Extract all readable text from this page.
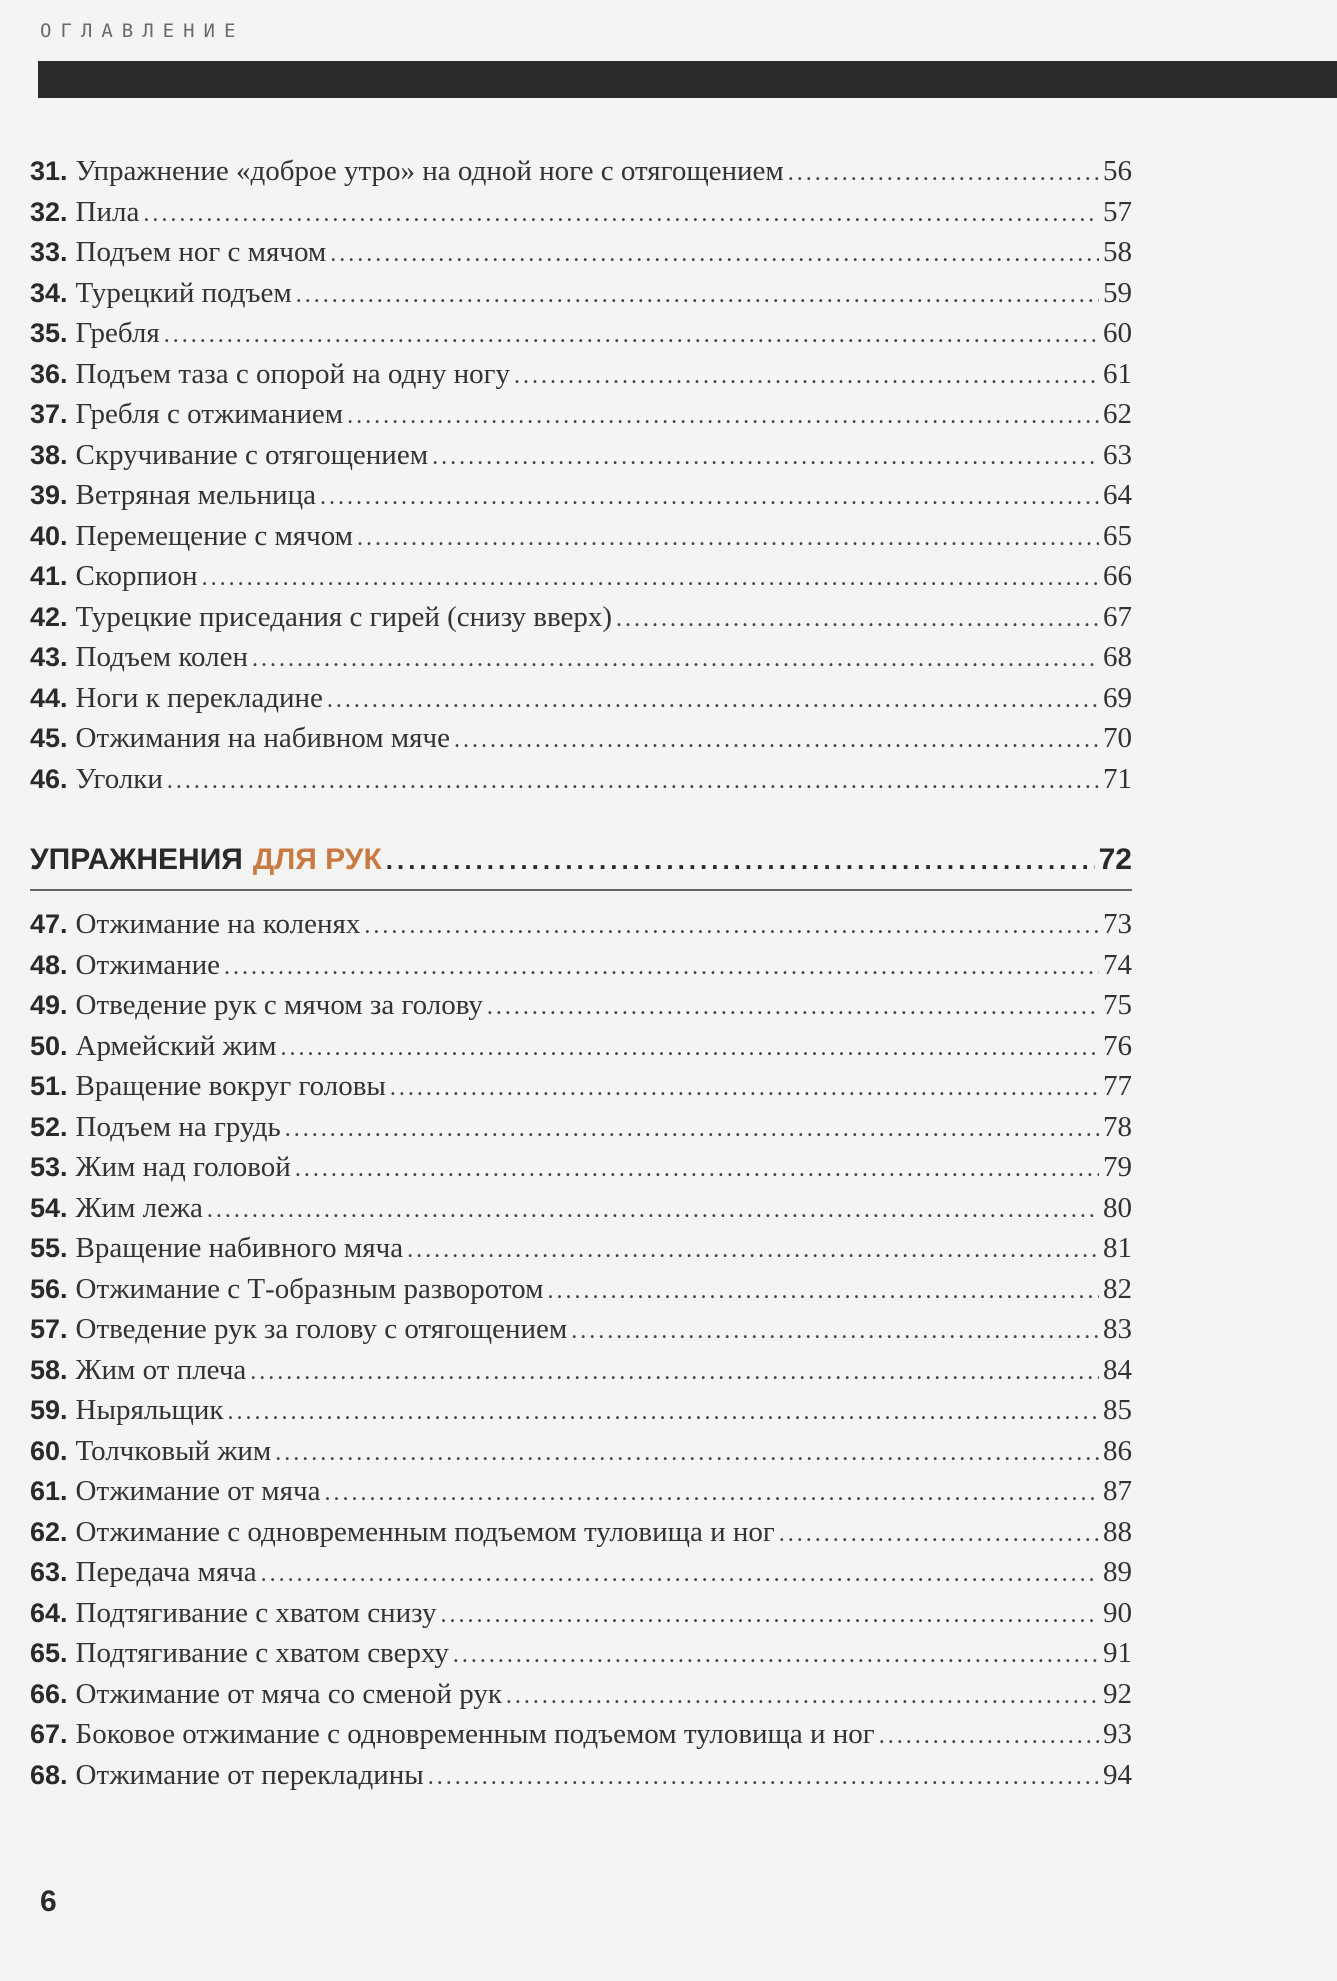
ОГЛАВЛЕНИЕ
31. Упражнение «доброе утро» на одной ноге с отягощением .....	56
32. Пила .....	57
33. Подъем ног с мячом .....	58
34. Турецкий подъем .....	59
35. Гребля .....	60
36. Подъем таза с опорой на одну ногу .....	61
37. Гребля с отжиманием .....	62
38. Скручивание с отягощением .....	63
39. Ветряная мельница .....	64
40. Перемещение с мячом .....	65
41. Скорпион .....	66
42. Турецкие приседания с гирей (снизу вверх) .....	67
43. Подъем колен .....	68
44. Ноги к перекладине .....	69
45. Отжимания на набивном мяче .....	70
46. Уголки .....	71
УПРАЖНЕНИЯ ДЛЯ РУК .....	72
47. Отжимание на коленях .....	73
48. Отжимание .....	74
49. Отведение рук с мячом за голову .....	75
50. Армейский жим .....	76
51. Вращение вокруг головы .....	77
52. Подъем на грудь .....	78
53. Жим над головой .....	79
54. Жим лежа .....	80
55. Вращение набивного мяча .....	81
56. Отжимание с Т-образным разворотом .....	82
57. Отведение рук за голову с отягощением .....	83
58. Жим от плеча .....	84
59. Ныряльщик .....	85
60. Толчковый жим .....	86
61. Отжимание от мяча .....	87
62. Отжимание с одновременным подъемом туловища и ног .....	88
63. Передача мяча .....	89
64. Подтягивание с хватом снизу .....	90
65. Подтягивание с хватом сверху .....	91
66. Отжимание от мяча со сменой рук .....	92
67. Боковое отжимание с одновременным подъемом туловища и ног .....	93
68. Отжимание от перекладины .....	94
6
